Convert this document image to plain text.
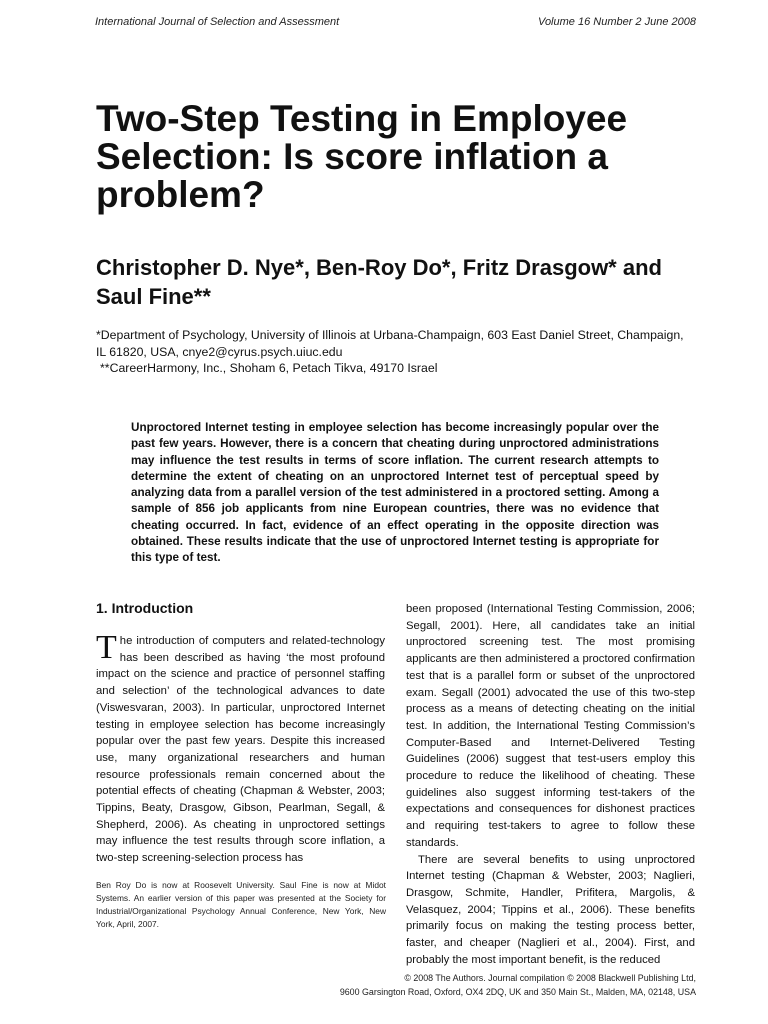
International Journal of Selection and Assessment	Volume 16 Number 2 June 2008
Two-Step Testing in Employee Selection: Is score inflation a problem?
Christopher D. Nye*, Ben-Roy Do*, Fritz Drasgow* and Saul Fine**
*Department of Psychology, University of Illinois at Urbana-Champaign, 603 East Daniel Street, Champaign, IL 61820, USA, cnye2@cyrus.psych.uiuc.edu
**CareerHarmony, Inc., Shoham 6, Petach Tikva, 49170 Israel

Unproctored Internet testing in employee selection has become increasingly popular over the past few years. However, there is a concern that cheating during unproctored administrations may influence the test results in terms of score inflation. The current research attempts to determine the extent of cheating on an unproctored Internet test of perceptual speed by analyzing data from a parallel version of the test administered in a proctored setting. Among a sample of 856 job applicants from nine European countries, there was no evidence that cheating occurred. In fact, evidence of an effect operating in the opposite direction was obtained. These results indicate that the use of unproctored Internet testing is appropriate for this type of test.

1. Introduction

The introduction of computers and related-technology has been described as having ‘the most profound impact on the science and practice of personnel staffing and selection’ of the technological advances to date (Viswesvaran, 2003). In particular, unproctored Internet testing in employee selection has become increasingly popular over the past few years. Despite this increased use, many organizational researchers and human resource professionals remain concerned about the potential effects of cheating (Chapman & Webster, 2003; Tippins, Beaty, Drasgow, Gibson, Pearlman, Segall, & Shepherd, 2006). As cheating in unproctored settings may influence the test results through score inflation, a two-step screening-selection process has

been proposed (International Testing Commission, 2006; Segall, 2001). Here, all candidates take an initial unproctored screening test. The most promising applicants are then administered a proctored confirmation test that is a parallel form or subset of the unproctored exam. Segall (2001) advocated the use of this two-step process as a means of detecting cheating on the initial test. In addition, the International Testing Commission’s Computer-Based and Internet-Delivered Testing Guidelines (2006) suggest that test-users employ this procedure to reduce the likelihood of cheating. These guidelines also suggest informing test-takers of the expectations and consequences for dishonest practices and requiring test-takers to agree to follow these standards.

There are several benefits to using unproctored Internet testing (Chapman & Webster, 2003; Naglieri, Drasgow, Schmite, Handler, Prifitera, Margolis, & Velasquez, 2004; Tippins et al., 2006). These benefits primarily focus on making the testing process better, faster, and cheaper (Naglieri et al., 2004). First, and probably the most important benefit, is the reduced

Ben Roy Do is now at Roosevelt University. Saul Fine is now at Midot Systems. An earlier version of this paper was presented at the Society for Industrial/Organizational Psychology Annual Conference, New York, New York, April, 2007.

© 2008 The Authors. Journal compilation © 2008 Blackwell Publishing Ltd,
9600 Garsington Road, Oxford, OX4 2DQ, UK and 350 Main St., Malden, MA, 02148, USA
